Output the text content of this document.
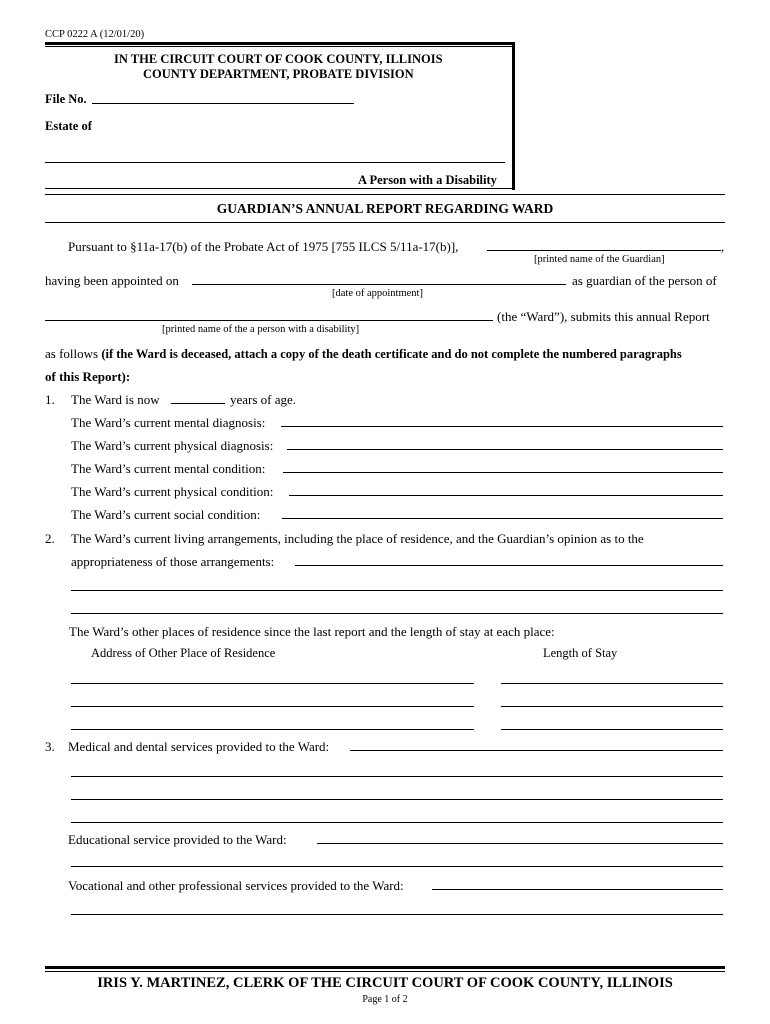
CCP 0222 A (12/01/20)
IN THE CIRCUIT COURT OF COOK COUNTY, ILLINOIS
COUNTY DEPARTMENT, PROBATE DIVISION
File No.
Estate of
A Person with a Disability
GUARDIAN’S ANNUAL REPORT REGARDING WARD
Pursuant to §11a-17(b) of the Probate Act of 1975 [755 ILCS 5/11a-17(b)],	,
[printed name of the Guardian]
having been appointed on	as guardian of the person of
[date of appointment]
(the “Ward”), submits this annual Report
[printed name of the a person with a disability]
as follows (if the Ward is deceased, attach a copy of the death certificate and do not complete the numbered paragraphs
of this Report):
1. The Ward is now	years of age.
The Ward’s current mental diagnosis:
The Ward’s current physical diagnosis:
The Ward’s current mental condition:
The Ward’s current physical condition:
The Ward’s current social condition:
2. The Ward’s current living arrangements, including the place of residence, and the Guardian’s opinion as to the
appropriateness of those arrangements:
The Ward’s other places of residence since the last report and the length of stay at each place:
Address of Other Place of Residence	Length of Stay
3. Medical and dental services provided to the Ward:
Educational service provided to the Ward:
Vocational and other professional services provided to the Ward:
IRIS Y. MARTINEZ, CLERK OF THE CIRCUIT COURT OF COOK COUNTY, ILLINOIS
Page 1 of 2
